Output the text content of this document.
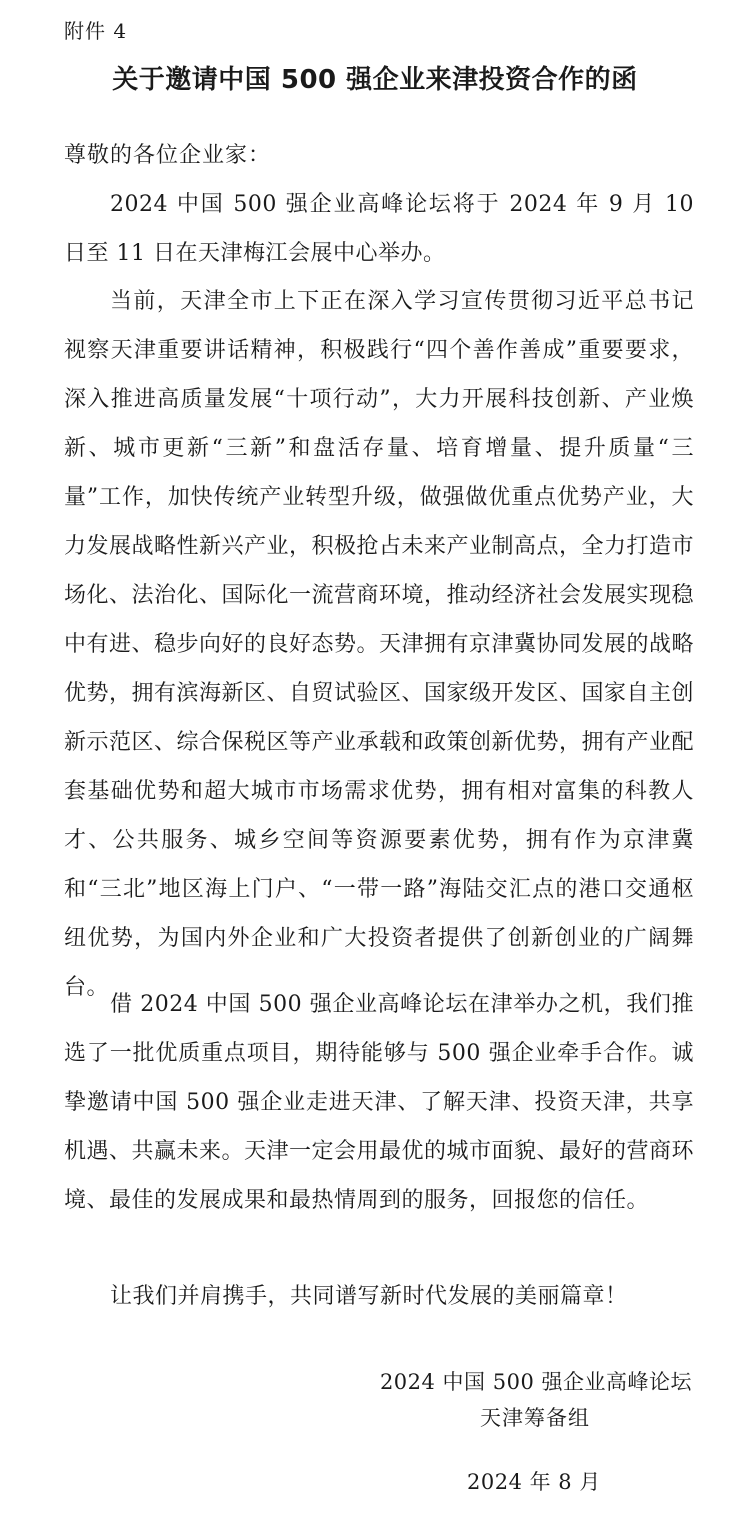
附件 4
关于邀请中国 500 强企业来津投资合作的函
尊敬的各位企业家：

2024 中国 500 强企业高峰论坛将于 2024 年 9 月 10 日至 11 日在天津梅江会展中心举办。

当前，天津全市上下正在深入学习宣传贯彻习近平总书记视察天津重要讲话精神，积极践行“四个善作善成”重要要求，深入推进高质量发展“十项行动”，大力开展科技创新、产业焕新、城市更新“三新”和盘活存量、培育增量、提升质量“三量”工作，加快传统产业转型升级，做强做优重点优势产业，大力发展战略性新兴产业，积极抢占未来产业制高点，全力打造市场化、法治化、国际化一流营商环境，推动经济社会发展实现稳中有进、稳步向好的良好态势。天津拥有京津冀协同发展的战略优势，拥有滨海新区、自贸试验区、国家级开发区、国家自主创新示范区、综合保税区等产业承载和政策创新优势，拥有产业配套基础优势和超大城市市场需求优势，拥有相对富集的科教人才、公共服务、城乡空间等资源要素优势，拥有作为京津冀和“三北”地区海上门户、“一带一路”海陆交汇点的港口交通枢纽优势，为国内外企业和广大投资者提供了创新创业的广阔舞台。

借 2024 中国 500 强企业高峰论坛在津举办之机，我们推选了一批优质重点项目，期待能够与 500 强企业牵手合作。诚挚邀请中国 500 强企业走进天津、了解天津、投资天津，共享机遇、共赢未来。天津一定会用最优的城市面貌、最好的营商环境、最佳的发展成果和最热情周到的服务，回报您的信任。

让我们并肩携手，共同谱写新时代发展的美丽篇章！

2024 中国 500 强企业高峰论坛
天津筹备组
2024 年 8 月
